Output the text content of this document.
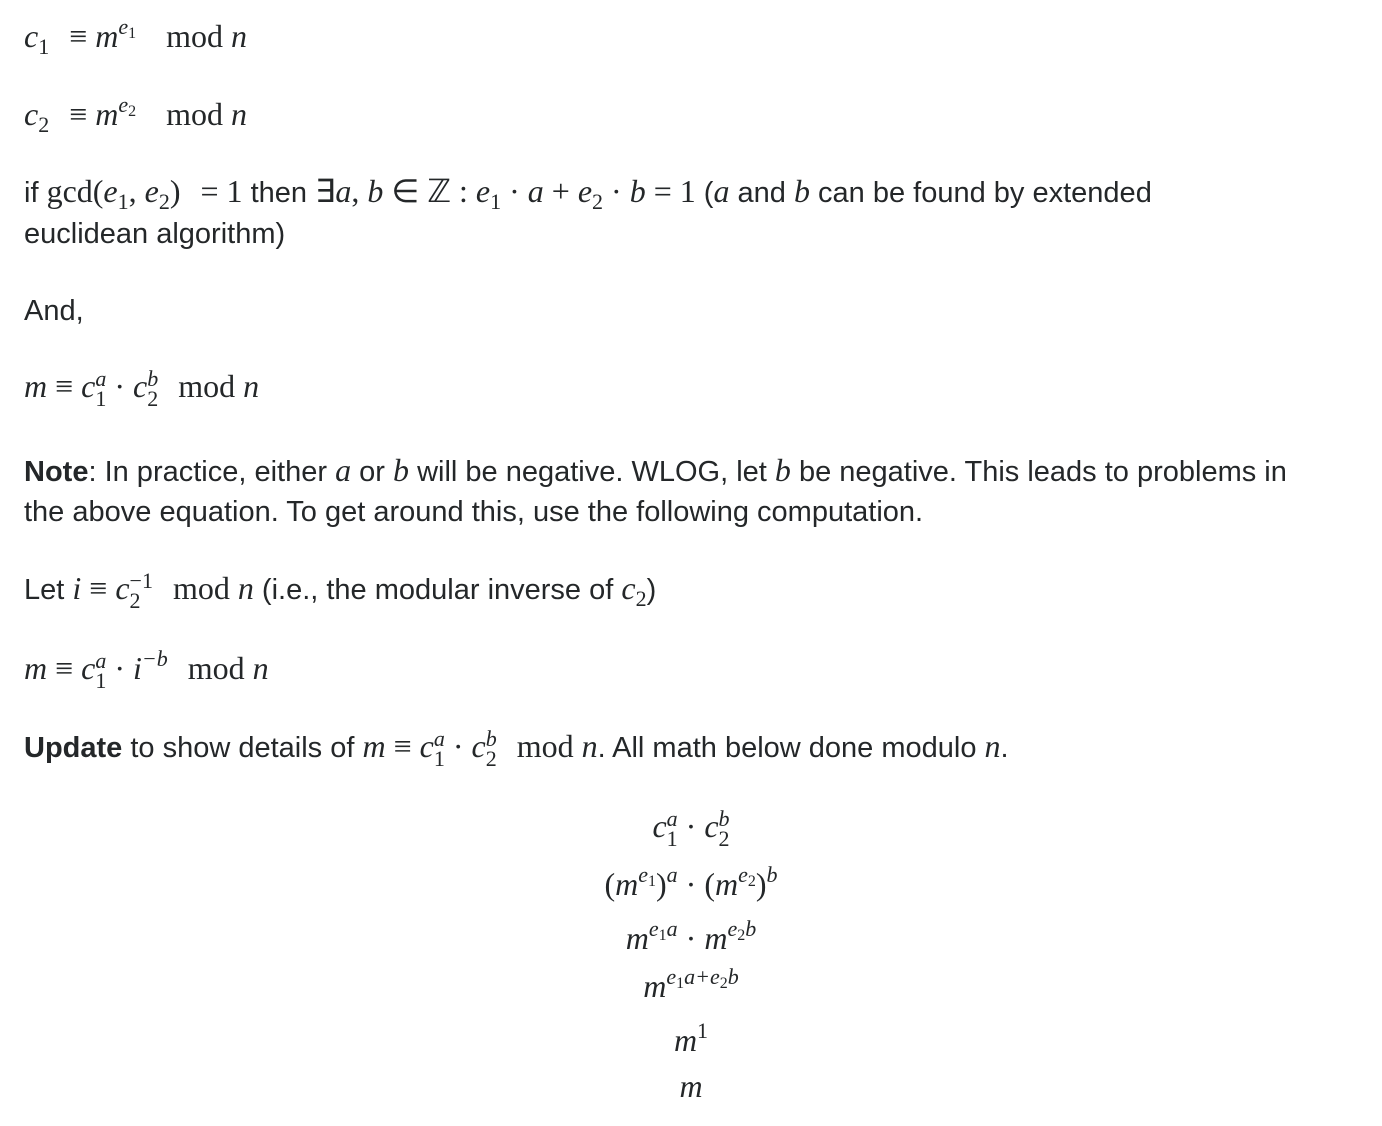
$c_1 \equiv m^{e1}$ mod n
$c_2 \equiv m^{e2}$ mod n
if $\gcd(e_1$, $e_2) = 1$ then ∃a, b ∈ ℤ : $e_1 \cdot a + e_2 \cdot b = 1$ (a and b can be found by extended
euclidean algorithm)
And,
m ≡ c a
1 · c b
2 mod n
Note: In practice, either a or b will be negative. WLOG, let b be negative. This leads to problems in
the above equation. To get around this, use the following computation.
Let i ≡ c −1
2	mod n (i.e., the modular inverse of $c_2$)
m ≡ c a
$1 \cdot i^{-b}$ mod n
Update to show details of m ≡ c a
1 · c b
2 mod n. All math below done modulo n.
c a
1 · c b
2
$(m^{e1})^a \cdot (m^{e2})^b$
$m^{e1a} \cdot m^{e2b}$
$m^{e1a+e2b}$
$m^1$
m
